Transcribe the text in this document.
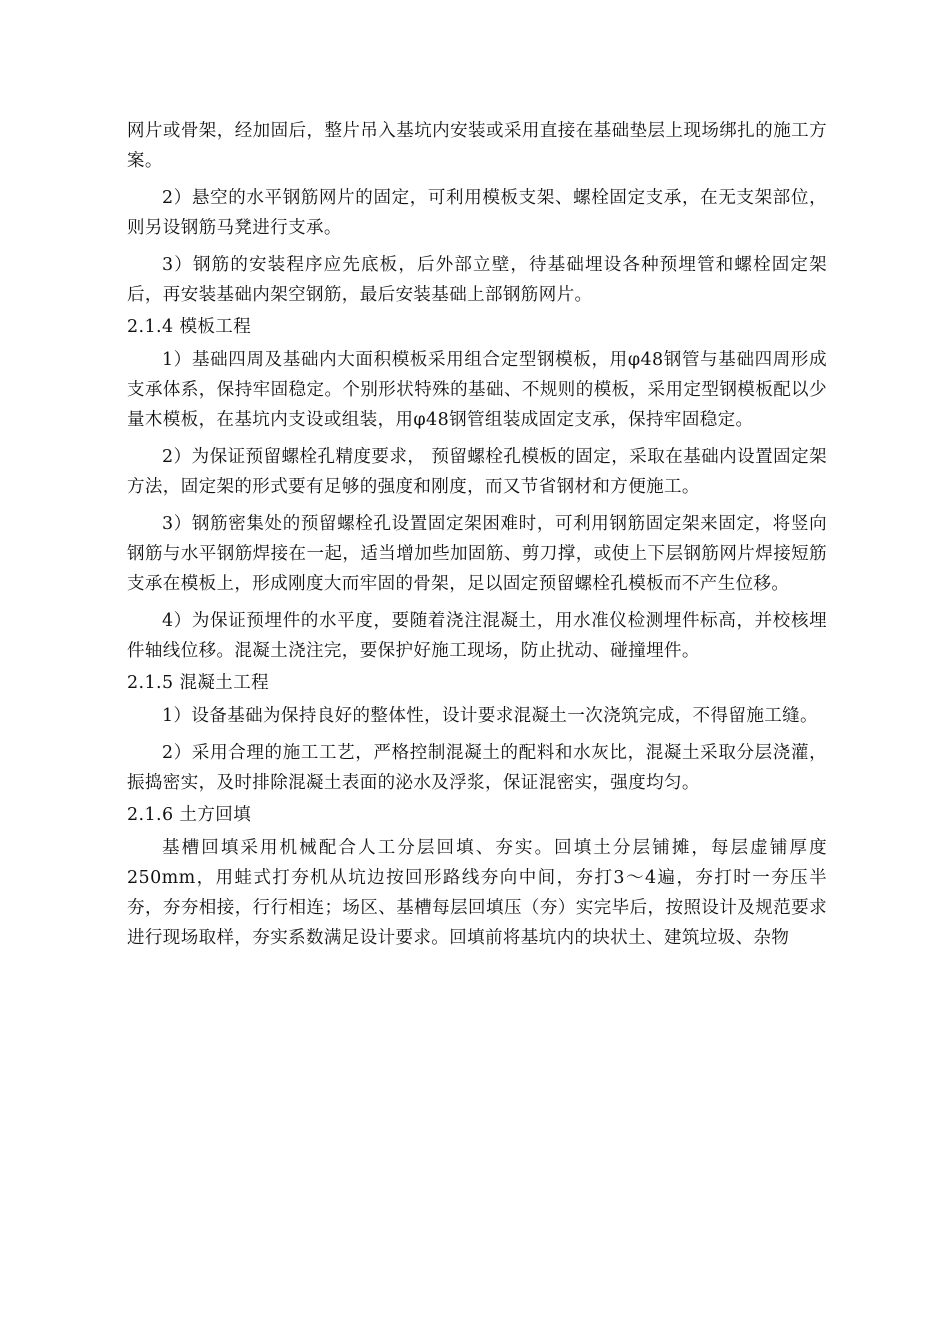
网片或骨架，经加固后，整片吊入基坑内安装或采用直接在基础垫层上现场绑扎的施工方案。

2）悬空的水平钢筋网片的固定，可利用模板支架、螺栓固定支承，在无支架部位，则另设钢筋马凳进行支承。

3）钢筋的安装程序应先底板，后外部立壁，待基础埋设各种预埋管和螺栓固定架后，再安装基础内架空钢筋，最后安装基础上部钢筋网片。

2.1.4 模板工程

1）基础四周及基础内大面积模板采用组合定型钢模板，用φ48钢管与基础四周形成支承体系，保持牢固稳定。个别形状特殊的基础、不规则的模板，采用定型钢模板配以少量木模板，在基坑内支设或组装，用φ48钢管组装成固定支承，保持牢固稳定。

2）为保证预留螺栓孔精度要求， 预留螺栓孔模板的固定，采取在基础内设置固定架方法，固定架的形式要有足够的强度和刚度，而又节省钢材和方便施工。

3）钢筋密集处的预留螺栓孔设置固定架困难时，可利用钢筋固定架来固定，将竖向钢筋与水平钢筋焊接在一起，适当增加些加固筋、剪刀撑，或使上下层钢筋网片焊接短筋支承在模板上，形成刚度大而牢固的骨架，足以固定预留螺栓孔模板而不产生位移。

4）为保证预埋件的水平度，要随着浇注混凝土，用水准仪检测埋件标高，并校核埋件轴线位移。混凝土浇注完，要保护好施工现场，防止扰动、碰撞埋件。

2.1.5 混凝土工程

1）设备基础为保持良好的整体性，设计要求混凝土一次浇筑完成，不得留施工缝。

2）采用合理的施工工艺，严格控制混凝土的配料和水灰比，混凝土采取分层浇灌，振捣密实，及时排除混凝土表面的泌水及浮浆，保证混密实，强度均匀。

2.1.6 土方回填

基槽回填采用机械配合人工分层回填、夯实。回填土分层铺摊，每层虚铺厚度250mm，用蛙式打夯机从坑边按回形路线夯向中间，夯打3～4遍，夯打时一夯压半夯，夯夯相接，行行相连；场区、基槽每层回填压（夯）实完毕后，按照设计及规范要求进行现场取样，夯实系数满足设计要求。回填前将基坑内的块状土、建筑垃圾、杂物
